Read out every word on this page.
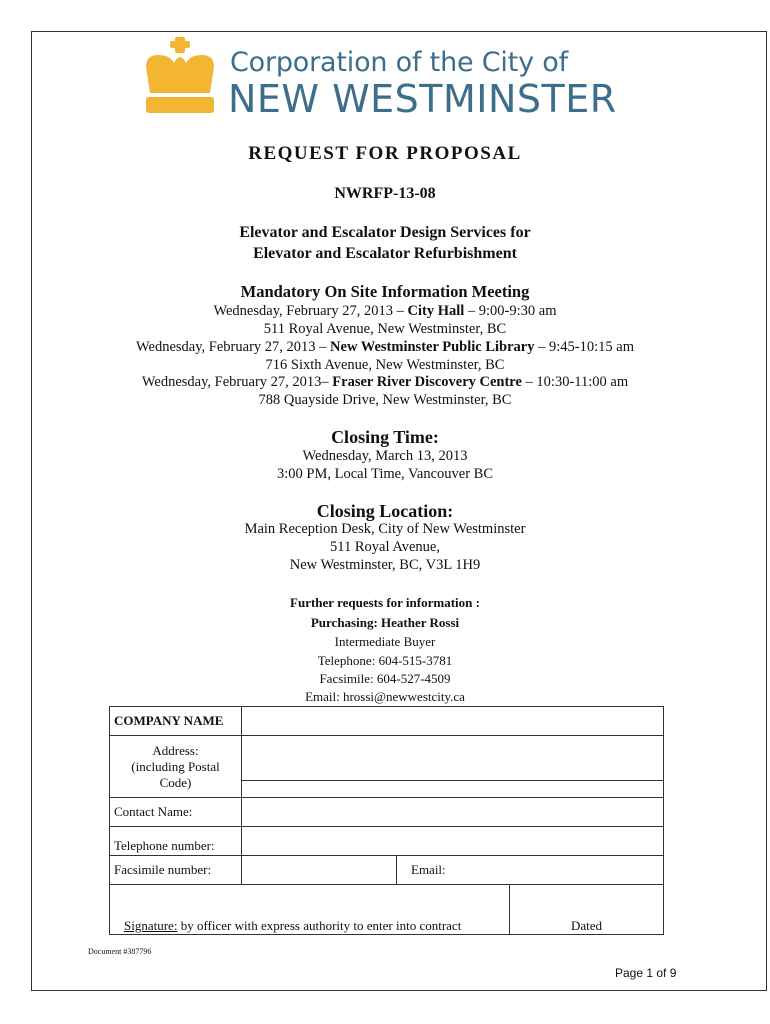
Corporation of the City of
NEW WESTMINSTER
REQUEST FOR PROPOSAL
NWRFP-13-08
Elevator and Escalator Design Services for
Elevator and Escalator Refurbishment
Mandatory On Site Information Meeting
Wednesday, February 27, 2013 – City Hall – 9:00-9:30 am
511 Royal Avenue, New Westminster, BC
Wednesday, February 27, 2013 – New Westminster Public Library – 9:45-10:15 am
716 Sixth Avenue, New Westminster, BC
Wednesday, February 27, 2013– Fraser River Discovery Centre – 10:30-11:00 am
788 Quayside Drive, New Westminster, BC
Closing Time:
Wednesday, March 13, 2013
3:00 PM, Local Time, Vancouver BC
Closing Location:
Main Reception Desk, City of New Westminster
511 Royal Avenue,
New Westminster, BC, V3L 1H9
Further requests for information :
Purchasing: Heather Rossi
Intermediate Buyer
Telephone: 604-515-3781
Facsimile: 604-527-4509
Email: hrossi@newwestcity.ca
COMPANY NAME			
Address:
(including Postal
Code)			

Contact Name:			
Telephone number:			
Facsimile number:		Email:	
Signature: by officer with express authority to enter into contract			Dated
Document #387796
Page 1 of 9
